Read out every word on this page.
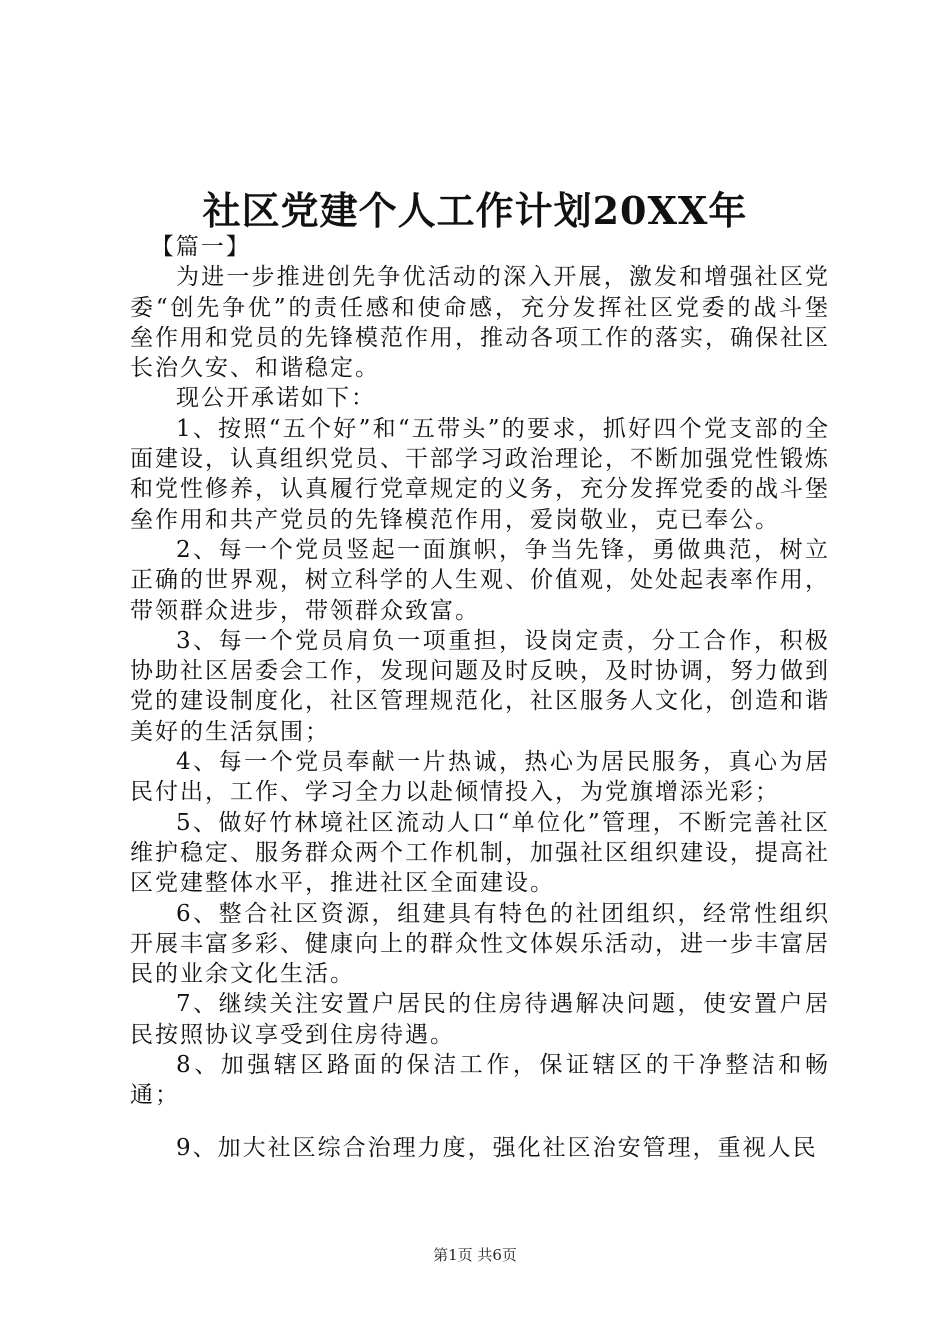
社区党建个人工作计划20XX年

【篇一】

为进一步推进创先争优活动的深入开展，激发和增强社区党委“创先争优”的责任感和使命感，充分发挥社区党委的战斗堡垒作用和党员的先锋模范作用，推动各项工作的落实，确保社区长治久安、和谐稳定。

现公开承诺如下：

1、按照“五个好”和“五带头”的要求，抓好四个党支部的全面建设，认真组织党员、干部学习政治理论，不断加强党性锻炼和党性修养，认真履行党章规定的义务，充分发挥党委的战斗堡垒作用和共产党员的先锋模范作用，爱岗敬业，克已奉公。

2、每一个党员竖起一面旗帜，争当先锋，勇做典范，树立正确的世界观，树立科学的人生观、价值观，处处起表率作用，带领群众进步，带领群众致富。

3、每一个党员肩负一项重担，设岗定责，分工合作，积极协助社区居委会工作，发现问题及时反映，及时协调，努力做到党的建设制度化，社区管理规范化，社区服务人文化，创造和谐美好的生活氛围；

4、每一个党员奉献一片热诚，热心为居民服务，真心为居民付出，工作、学习全力以赴倾情投入，为党旗增添光彩；

5、做好竹林境社区流动人口“单位化”管理，不断完善社区维护稳定、服务群众两个工作机制，加强社区组织建设，提高社区党建整体水平，推进社区全面建设。

6、整合社区资源，组建具有特色的社团组织，经常性组织开展丰富多彩、健康向上的群众性文体娱乐活动，进一步丰富居民的业余文化生活。

7、继续关注安置户居民的住房待遇解决问题，使安置户居民按照协议享受到住房待遇。

8、加强辖区路面的保洁工作，保证辖区的干净整洁和畅通；

9、加大社区综合治理力度，强化社区治安管理，重视人民

第1页 共6页
